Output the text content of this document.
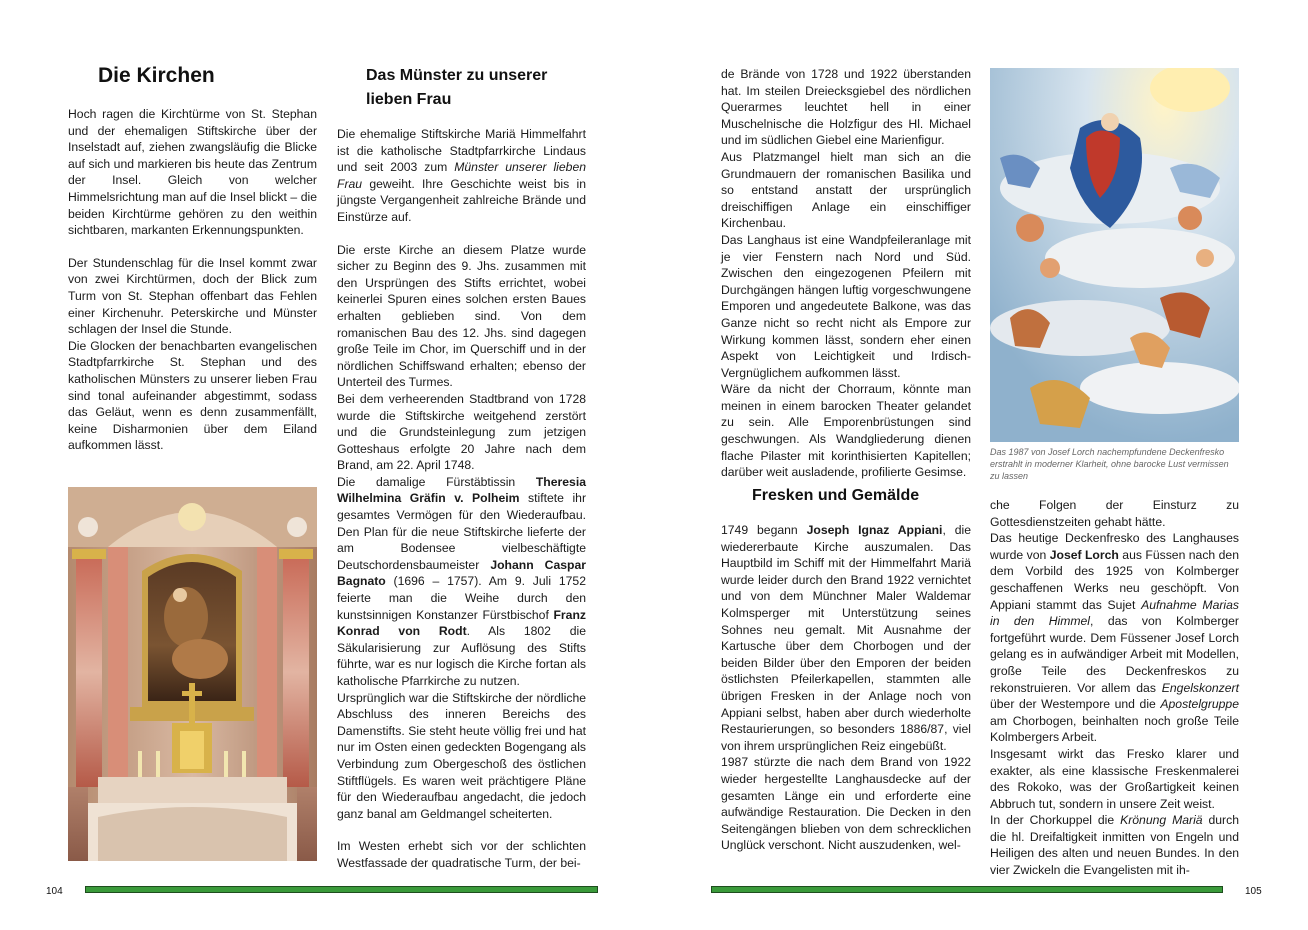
Die Kirchen

Hoch ragen die Kirchtürme von St. Stephan und der ehemaligen Stiftskirche über der Inselstadt auf, ziehen zwangsläufig die Blicke auf sich und markieren bis heute das Zentrum der Insel. Gleich von welcher Himmelsrichtung man auf die Insel blickt – die beiden Kirchtürme gehören zu den weithin sichtbaren, markanten Erkennungspunkten.

Der Stundenschlag für die Insel kommt zwar von zwei Kirchtürmen, doch der Blick zum Turm von St. Stephan offenbart das Fehlen einer Kirchenuhr. Peterskirche und Münster schlagen der Insel die Stunde.

Die Glocken der benachbarten evangelischen Stadtpfarrkirche St. Stephan und des katholischen Münsters zu unserer lieben Frau sind tonal aufeinander abgestimmt, sodass das Geläut, wenn es denn zusammenfällt, keine Disharmonien über dem Eiland aufkommen lässt.

Das Münster zu unserer lieben Frau

Die ehemalige Stiftskirche Mariä Himmelfahrt ist die katholische Stadtpfarrkirche Lindaus und seit 2003 zum Münster unserer lieben Frau geweiht. Ihre Geschichte weist bis in jüngste Vergangenheit zahlreiche Brände und Einstürze auf.

Die erste Kirche an diesem Platze wurde sicher zu Beginn des 9. Jhs. zusammen mit den Ursprüngen des Stifts errichtet, wobei keinerlei Spuren eines solchen ersten Baues erhalten geblieben sind. Von dem romanischen Bau des 12. Jhs. sind dagegen große Teile im Chor, im Querschiff und in der nördlichen Schiffswand erhalten; ebenso der Unterteil des Turmes.

Bei dem verheerenden Stadtbrand von 1728 wurde die Stiftskirche weitgehend zerstört und die Grundsteinlegung zum jetzigen Gotteshaus erfolgte 20 Jahre nach dem Brand, am 22. April 1748.

Die damalige Fürstäbtissin Theresia Wilhelmina Gräfin v. Polheim stiftete ihr gesamtes Vermögen für den Wiederaufbau. Den Plan für die neue Stiftskirche lieferte der am Bodensee vielbeschäftigte Deutschordensbaumeister Johann Caspar Bagnato (1696 – 1757). Am 9. Juli 1752 feierte man die Weihe durch den kunstsinnigen Konstanzer Fürstbischof Franz Konrad von Rodt. Als 1802 die Säkularisierung zur Auflösung des Stifts führte, war es nur logisch die Kirche fortan als katholische Pfarrkirche zu nutzen.

Ursprünglich war die Stiftskirche der nördliche Abschluss des inneren Bereichs des Damenstifts. Sie steht heute völlig frei und hat nur im Osten einen gedeckten Bogengang als Verbindung zum Obergeschoß des östlichen Stiftflügels. Es waren weit prächtigere Pläne für den Wiederaufbau angedacht, die jedoch ganz banal am Geldmangel scheiterten.

Im Westen erhebt sich vor der schlichten Westfassade der quadratische Turm, der bei-

104

de Brände von 1728 und 1922 überstanden hat. Im steilen Dreiecksgiebel des nördlichen Querarmes leuchtet hell in einer Muschelnische die Holzfigur des Hl. Michael und im südlichen Giebel eine Marienfigur.

Aus Platzmangel hielt man sich an die Grundmauern der romanischen Basilika und so entstand anstatt der ursprünglich dreischiffigen Anlage ein einschiffiger Kirchenbau.

Das Langhaus ist eine Wandpfeileranlage mit je vier Fenstern nach Nord und Süd. Zwischen den eingezogenen Pfeilern mit Durchgängen hängen luftig vorgeschwungene Emporen und angedeutete Balkone, was das Ganze nicht so recht nicht als Empore zur Wirkung kommen lässt, sondern eher einen Aspekt von Leichtigkeit und Irdisch-Vergnüglichem aufkommen lässt.

Wäre da nicht der Chorraum, könnte man meinen in einem barocken Theater gelandet zu sein. Alle Emporenbrüstungen sind geschwungen. Als Wandgliederung dienen flache Pilaster mit korinthisierten Kapitellen; darüber weit ausladende, profilierte Gesimse.

Fresken und Gemälde

1749 begann Joseph Ignaz Appiani, die wiedererbaute Kirche auszumalen. Das Hauptbild im Schiff mit der Himmelfahrt Mariä wurde leider durch den Brand 1922 vernichtet und von dem Münchner Maler Waldemar Kolmsperger mit Unterstützung seines Sohnes neu gemalt. Mit Ausnahme der Kartusche über dem Chorbogen und der beiden Bilder über den Emporen der beiden östlichsten Pfeilerkapellen, stammten alle übrigen Fresken in der Anlage noch von Appiani selbst, haben aber durch wiederholte Restaurierungen, so besonders 1886/87, viel von ihrem ursprünglichen Reiz eingebüßt.

1987 stürzte die nach dem Brand von 1922 wieder hergestellte Langhausdecke auf der gesamten Länge ein und erforderte eine aufwändige Restauration. Die Decken in den Seitengängen blieben von dem schrecklichen Unglück verschont. Nicht auszudenken, wel-

Das 1987 von Josef Lorch nachempfundene Deckenfresko erstrahlt in moderner Klarheit, ohne barocke Lust vermissen zu lassen

che Folgen der Einsturz zu Gottesdienstzeiten gehabt hätte.

Das heutige Deckenfresko des Langhauses wurde von Josef Lorch aus Füssen nach den dem Vorbild des 1925 von Kolmberger geschaffenen Werks neu geschöpft. Von Appiani stammt das Sujet Aufnahme Marias in den Himmel, das von Kolmberger fortgeführt wurde. Dem Füssener Josef Lorch gelang es in aufwändiger Arbeit mit Modellen, große Teile des Deckenfreskos zu rekonstruieren. Vor allem das Engelskonzert über der Westempore und die Apostelgruppe am Chorbogen, beinhalten noch große Teile Kolmbergers Arbeit.

Insgesamt wirkt das Fresko klarer und exakter, als eine klassische Freskenmalerei des Rokoko, was der Großartigkeit keinen Abbruch tut, sondern in unsere Zeit weist.

In der Chorkuppel die Krönung Mariä durch die hl. Dreifaltigkeit inmitten von Engeln und Heiligen des alten und neuen Bundes. In den vier Zwickeln die Evangelisten mit ih-

105
